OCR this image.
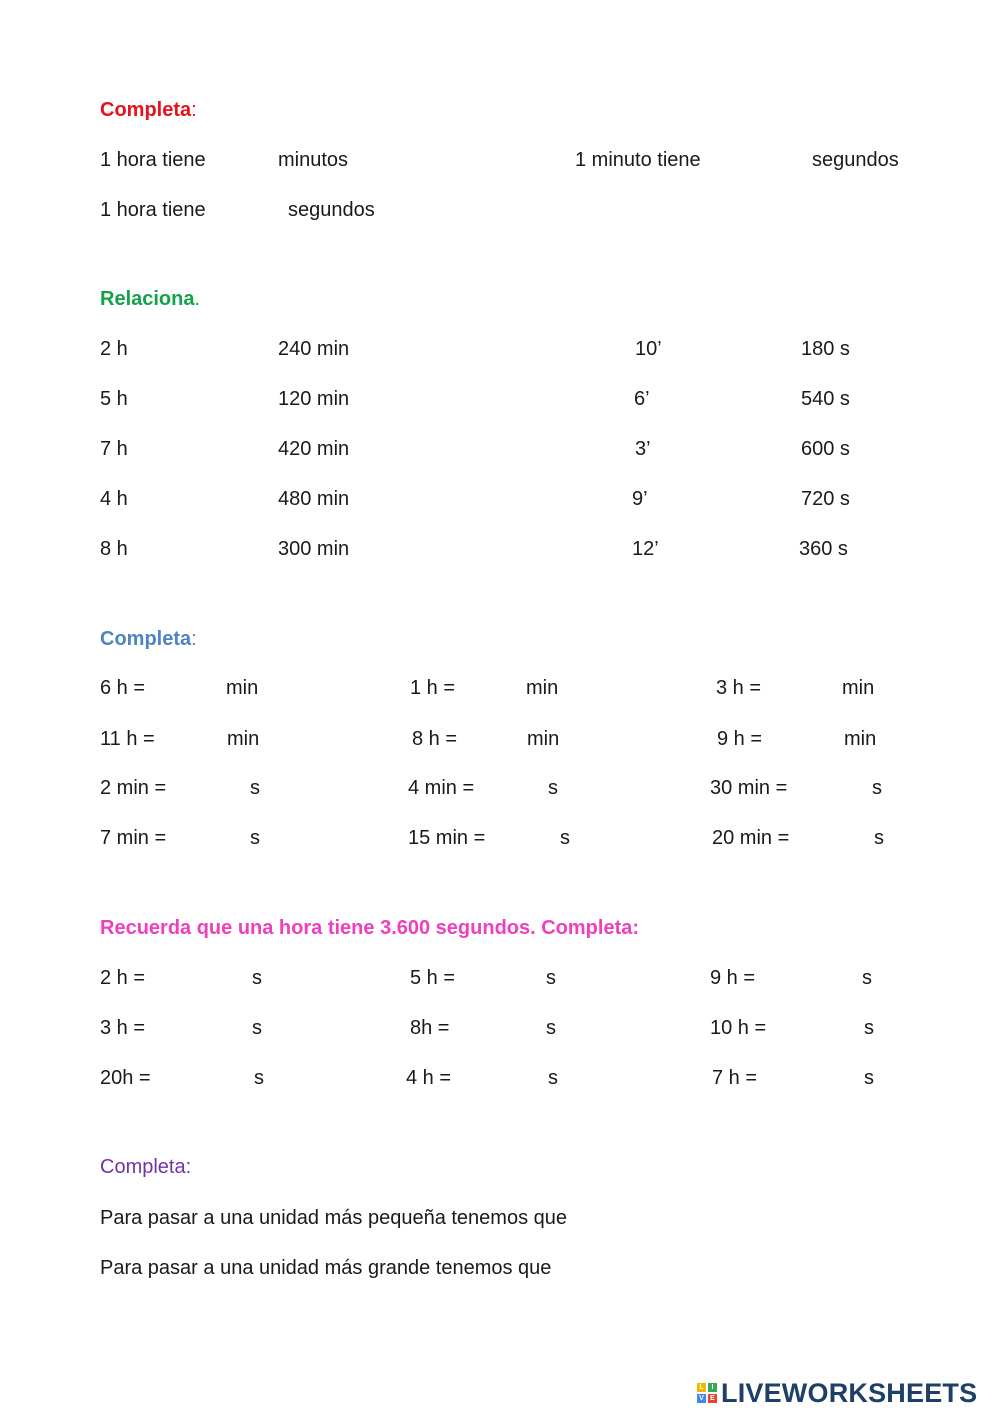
Completa:
1 hora tiene	minutos	1 minuto tiene	segundos
1 hora tiene	segundos
Relaciona.
2 h	240 min	10’	180 s
5 h	120 min	6’	540 s
7 h	420 min	3’	600 s
4 h	480 min	9’	720 s
8 h	300 min	12’	360 s
Completa:
6 h =	min	1 h =	min	3 h =	min
11 h =	min	8 h =	min	9 h =	min
2 min =	s	4 min =	s	30 min =	s
7 min =	s	15 min =	s	20 min =	s
Recuerda que una hora tiene 3.600 segundos. Completa:
2 h =	s	5 h =	s	9 h =	s
3 h =	s	8h =	s	10 h =	s
20h =	s	4 h =	s	7 h =	s
Completa:
Para pasar a una unidad más pequeña tenemos que
Para pasar a una unidad más grande tenemos que
L	I
V E LIVEWORKSHEETS
